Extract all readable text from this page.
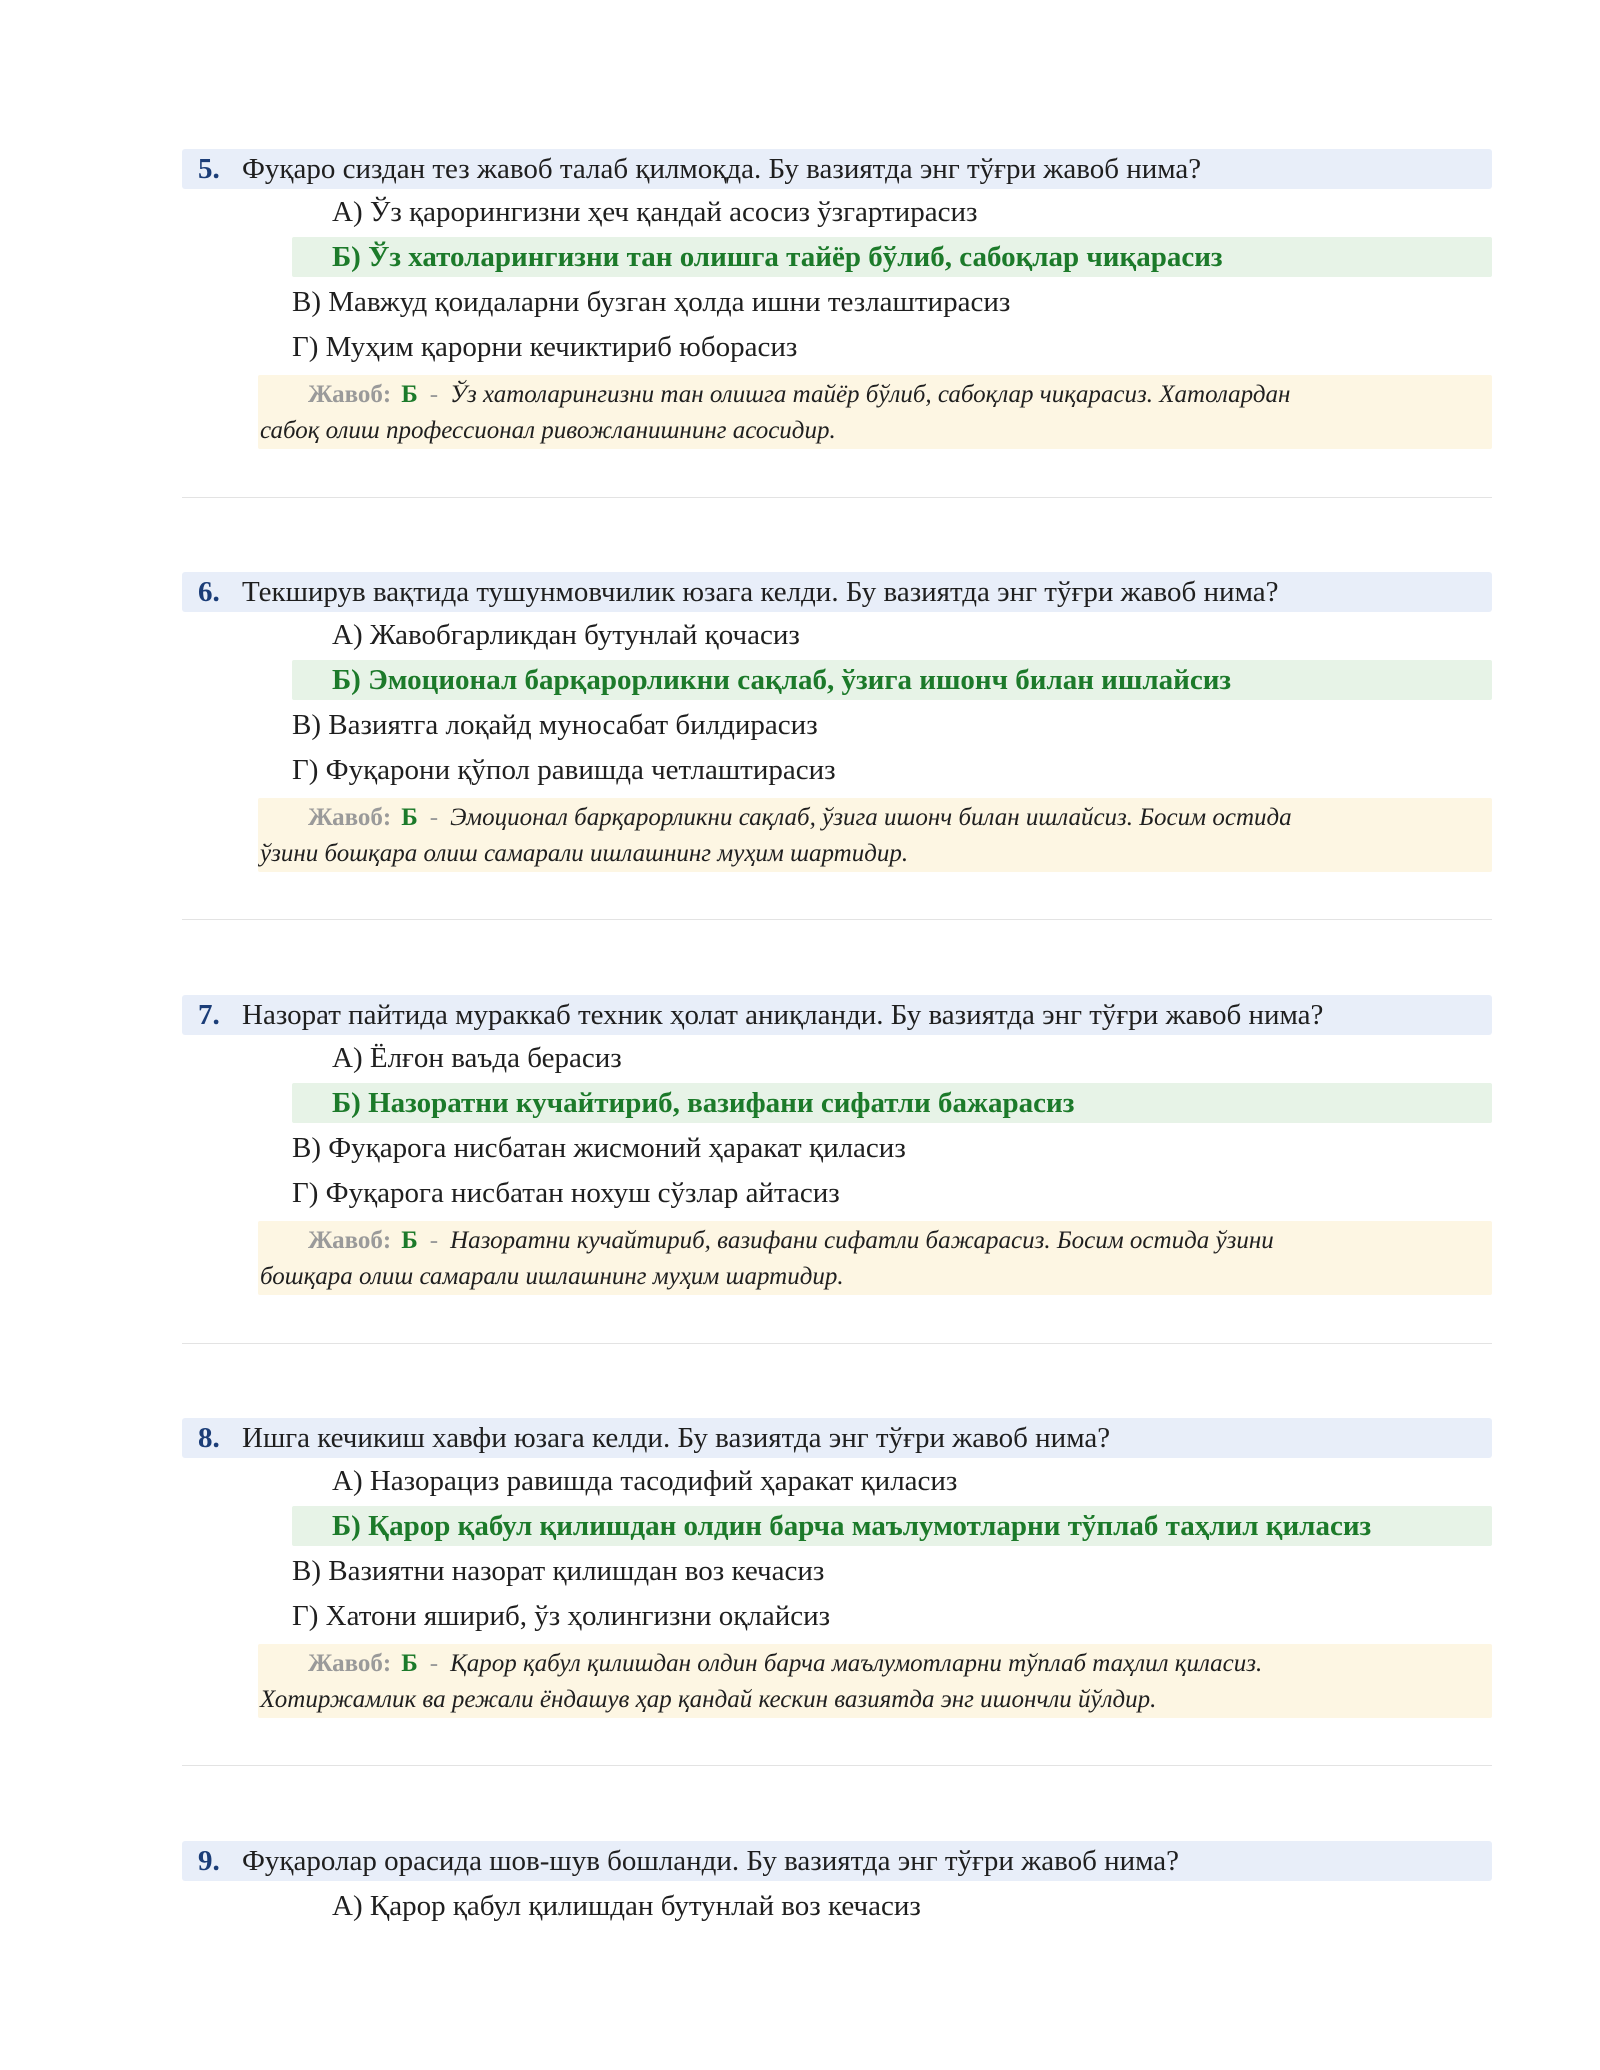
5. Фуқаро сиздан тез жавоб талаб қилмоқда. Бу вазиятда энг тўғри жавоб нима?
А) Ўз қарорингизни ҳеч қандай асосиз ўзгартирасиз
Б) Ўз хатоларингизни тан олишга тайёр бўлиб, сабоқлар чиқарасиз
В) Мавжуд қоидаларни бузган ҳолда ишни тезлаштирасиз
Г) Муҳим қарорни кечиктириб юборасиз
Жавоб: Б - Ўз хатоларингизни тан олишга тайёр бўлиб, сабоқлар чиқарасиз. Хатолардан
сабоқ олиш профессионал ривожланишнинг асосидир.
6. Текширув вақтида тушунмовчилик юзага келди. Бу вазиятда энг тўғри жавоб нима?
А) Жавобгарликдан бутунлай қочасиз
Б) Эмоционал барқарорликни сақлаб, ўзига ишонч билан ишлайсиз
В) Вазиятга лоқайд муносабат билдирасиз
Г) Фуқарони қўпол равишда четлаштирасиз
Жавоб: Б - Эмоционал барқарорликни сақлаб, ўзига ишонч билан ишлайсиз. Босим остида
ўзини бошқара олиш самарали ишлашнинг муҳим шартидир.
7. Назорат пайтида мураккаб техник ҳолат аниқланди. Бу вазиятда энг тўғри жавоб нима?
А) Ёлғон ваъда берасиз
Б) Назоратни кучайтириб, вазифани сифатли бажарасиз
В) Фуқарога нисбатан жисмоний ҳаракат қиласиз
Г) Фуқарога нисбатан нохуш сўзлар айтасиз
Жавоб: Б - Назоратни кучайтириб, вазифани сифатли бажарасиз. Босим остида ўзини
бошқара олиш самарали ишлашнинг муҳим шартидир.
8. Ишга кечикиш хавфи юзага келди. Бу вазиятда энг тўғри жавоб нима?
А) Назорациз равишда тасодифий ҳаракат қиласиз
Б) Қарор қабул қилишдан олдин барча маълумотларни тўплаб таҳлил қиласиз
В) Вазиятни назорат қилишдан воз кечасиз
Г) Хатони яшириб, ўз ҳолингизни оқлайсиз
Жавоб: Б - Қарор қабул қилишдан олдин барча маълумотларни тўплаб таҳлил қиласиз.
Хотиржамлик ва режали ёндашув ҳар қандай кескин вазиятда энг ишончли йўлдир.
9. Фуқаролар орасида шов-шув бошланди. Бу вазиятда энг тўғри жавоб нима?
А) Қарор қабул қилишдан бутунлай воз кечасиз
